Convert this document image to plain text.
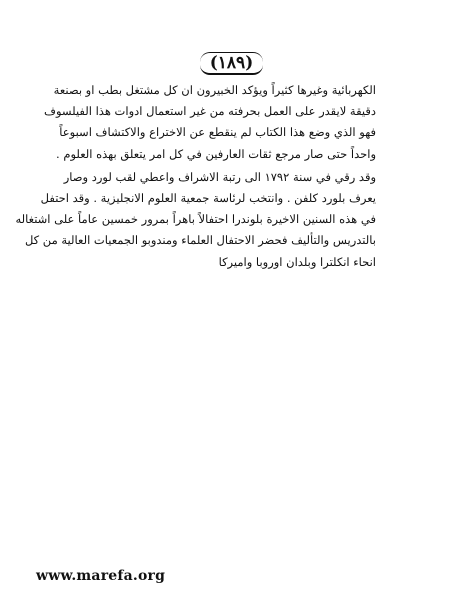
(١٨٩)

الكهربائية وغيرها كثيراً ويؤكد الخبيرون ان كل مشتغل بطب او بصنعة
دقيقة لايقدر على العمل بحرفته من غير استعمال ادوات هذا الفيلسوف
فهو الذي وضع هذا الكتاب لم ينقطع عن الاختراع والاكتشاف اسبوعاً
واحداً حتى صار مرجع ثقات العارفين في كل امر يتعلق بهذه العلوم .

وقد رقي في سنة ١٧٩٢ الى رتبة الاشراف واعطي لقب لورد وصار
يعرف بلورد كلفن . وانتخب لرئاسة جمعية العلوم الانجليزية . وقد احتفل
في هذه السنين الاخيرة بلوندرا احتفالاً باهراً بمرور خمسين عاماً على اشتغاله
بالتدريس والتأليف فحضر الاحتفال العلماء ومندوبو الجمعيات العالية من كل
انحاء انكلترا وبلدان اوروبا واميركا

www.marefa.org
